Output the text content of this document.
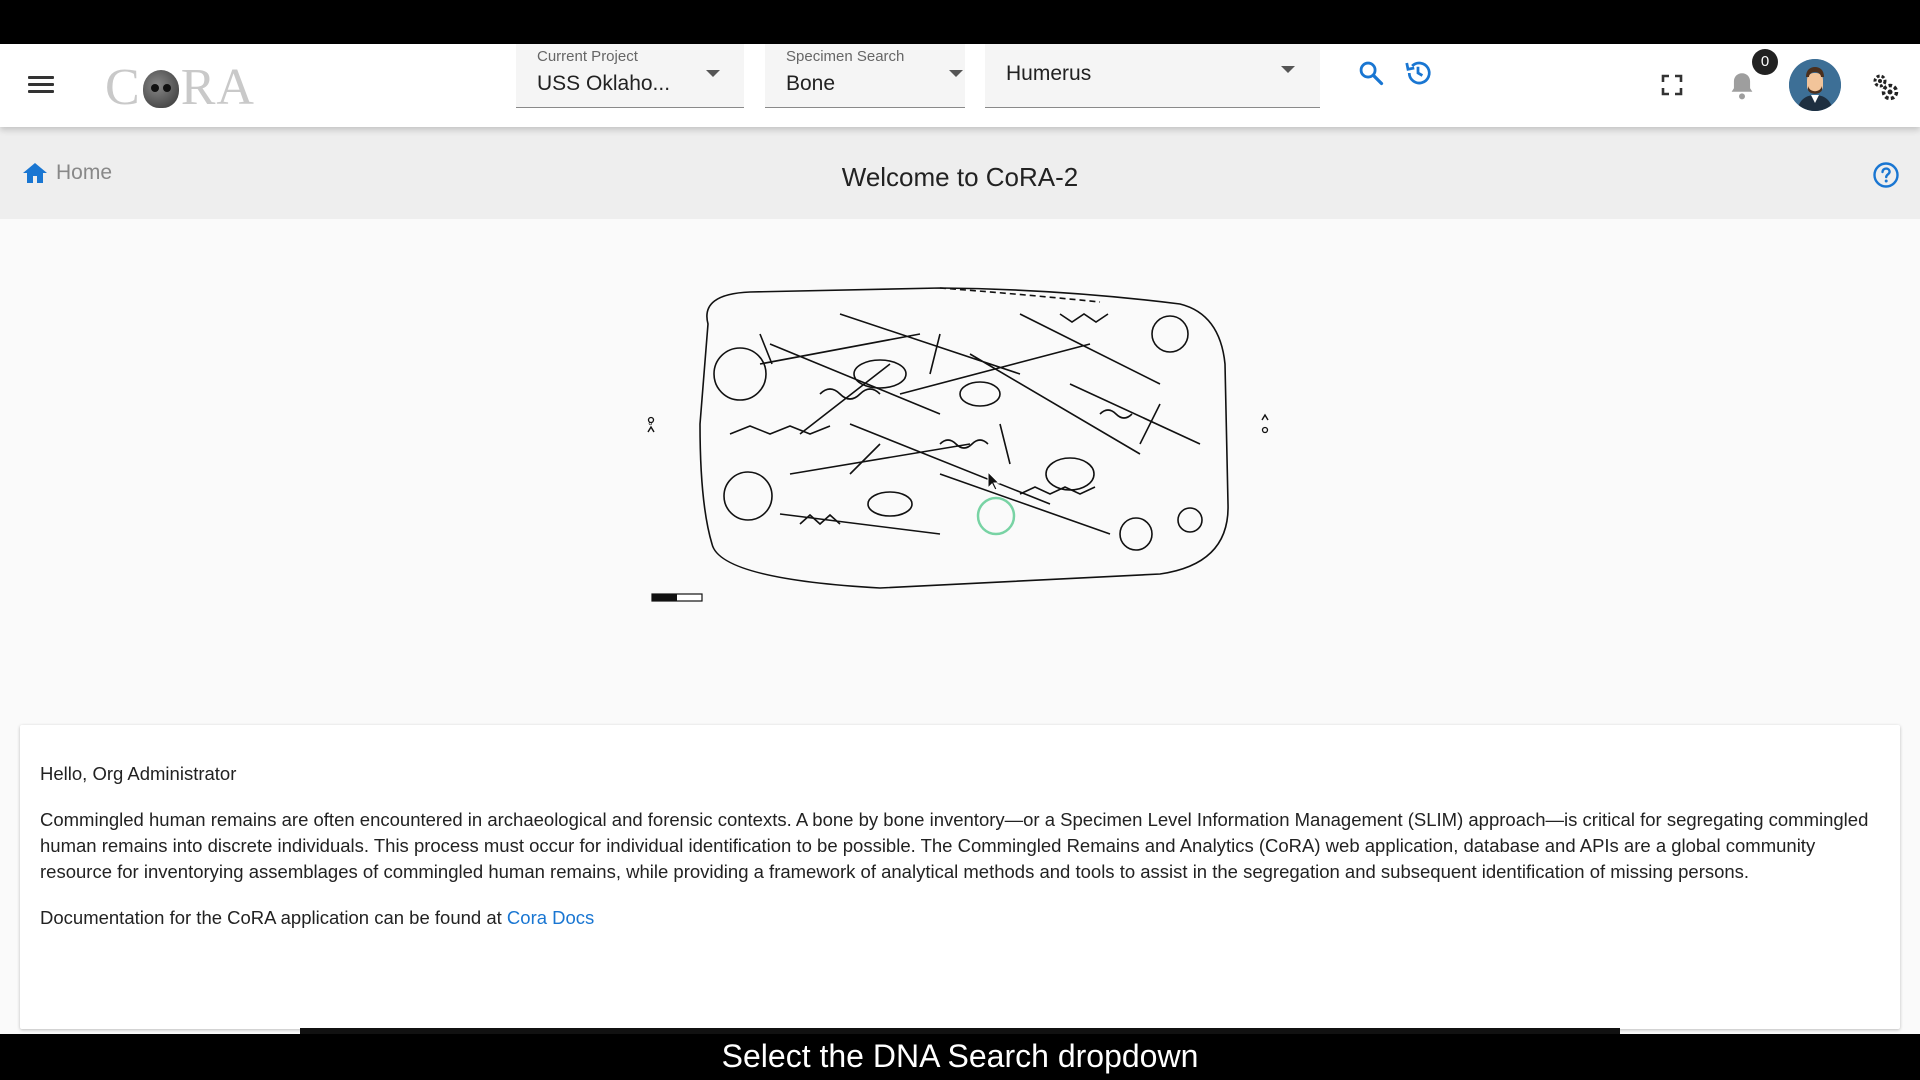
C RA
Current Project
USS Oklaho...
Specimen Search
Bone	Humerus
0
Home	Welcome to CoRA-2
°

Hello, Org Administrator

Commingled human remains are often encountered in archaeological and forensic contexts. A bone by bone inventory—or a Specimen Level Information Management (SLIM) approach—is critical for segregating commingled human remains into discrete individuals. This process must occur for individual identification to be possible. The Commingled Remains and Analytics (CoRA) web application, database and APIs are a global community resource for inventorying assemblages of commingled human remains, while providing a framework of analytical methods and tools to assist in the segregation and subsequent identification of missing persons.

Documentation for the CoRA application can be found at Cora Docs

Select the DNA Search dropdown
